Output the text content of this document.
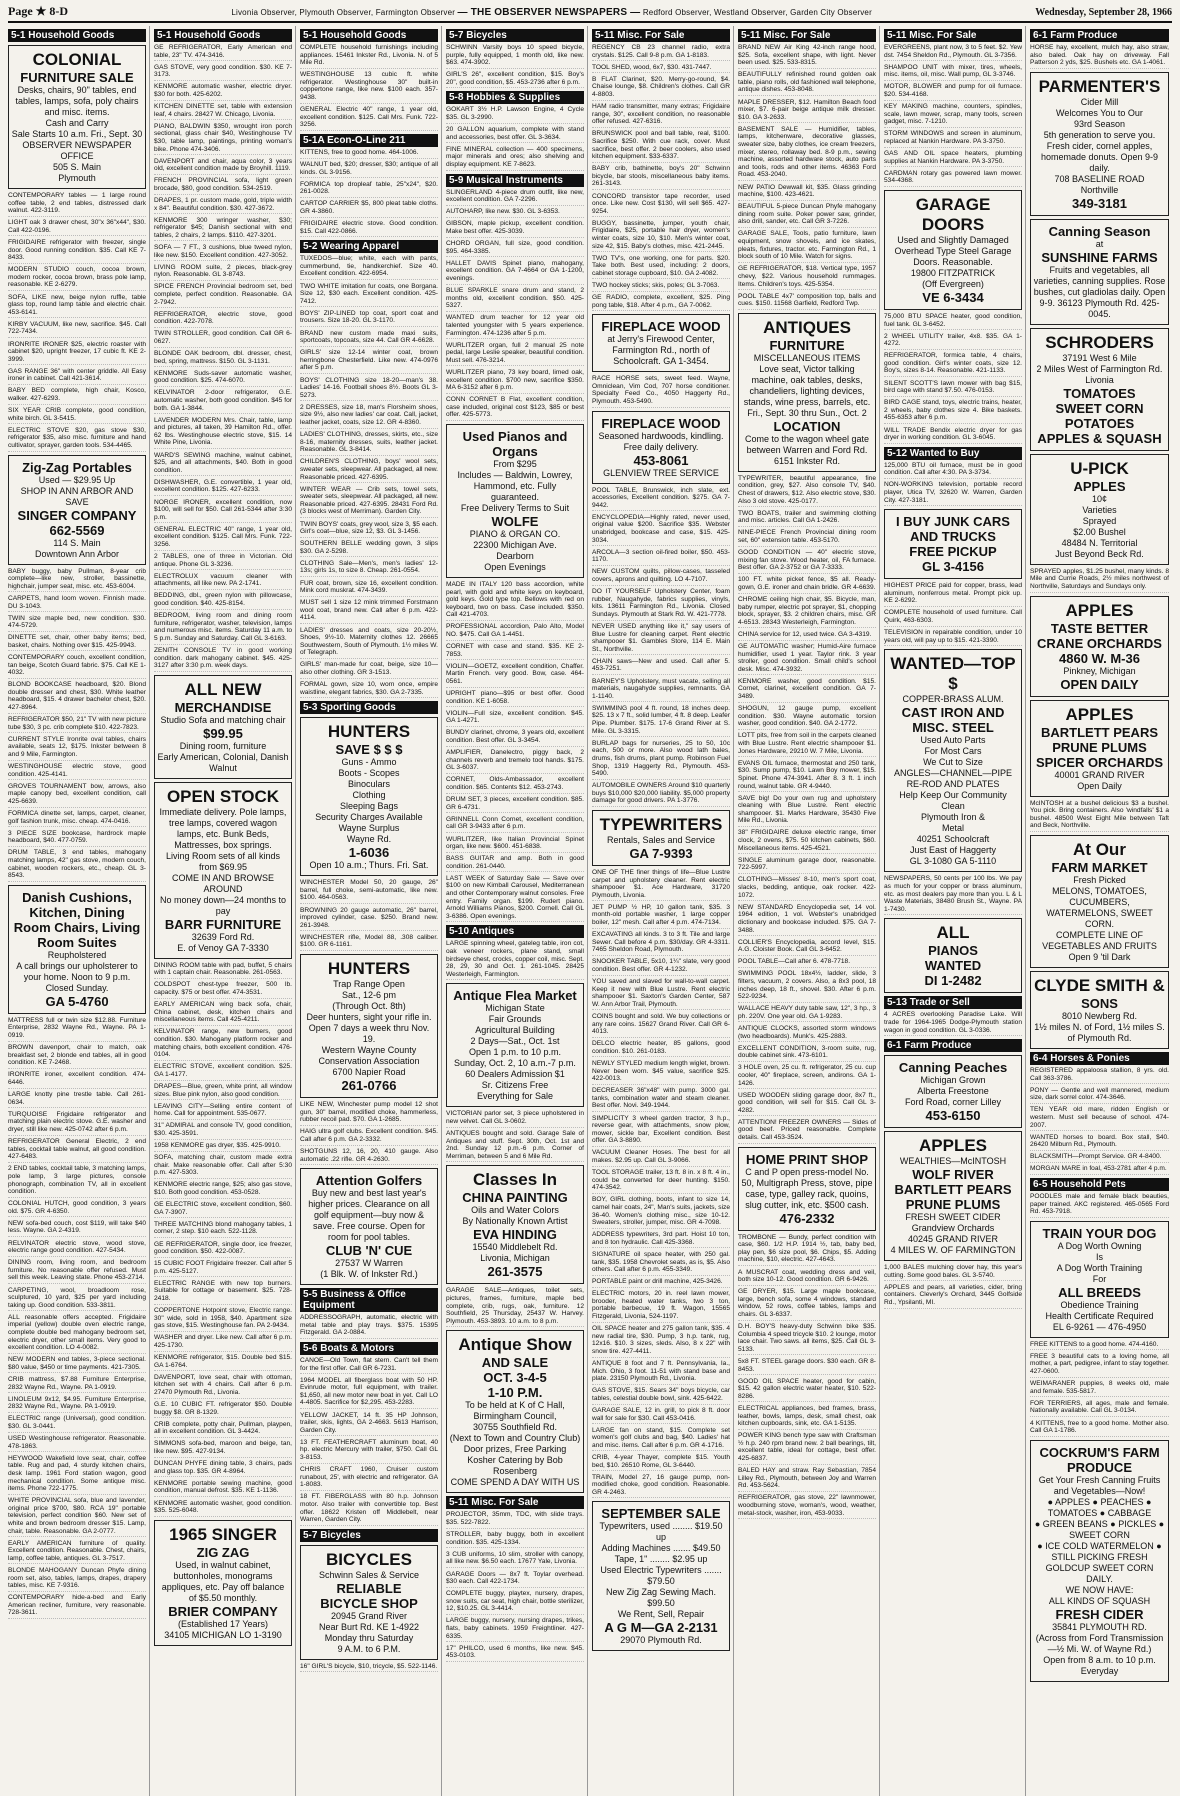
Page ★ 8-D	Livonia Observer, Plymouth Observer, Farmington Observer — THE OBSERVER NEWSPAPERS — Redford Observer, Westland Observer, Garden City Observer	Wednesday, September 28, 1966
5-1 Household Goods
COLONIAL
FURNITURE SALE
Desks, chairs, 90" tables, end tables, lamps, sofa, poly chairs and misc. items.
Cash and Carry
Sale Starts 10 a.m. Fri., Sept. 30
OBSERVER NEWSPAPER OFFICE
505 S. Main
Plymouth

CONTEMPORARY tables — 1 large round coffee table, 2 end tables, distressed dark walnut. 422-3119.

LIGHT oak 3 drawer chest, 30"x 36"x44", $30. Call 422-0196.

FRIGIDAIRE refrigerator with freezer, single door. Good running condition. $35. Call KE 7-8433.

MODERN STUDIO couch, cocoa brown, modern rocker, cocoa brown, brass pole lamp, reasonable. KE 2-6279.

SOFA, LIKE new, beige nylon ruffle, table glass top, round lamp table and electric chair. 453-6141.

KIRBY VACUUM, like new, sacrifice. $45. Call 722-7434.

IRONRITE IRONER $25, electric roaster with cabinet $20, upright freezer, 17 cubic ft. KE 2-3999.

GAS RANGE 36" with center griddle. All Easy ironer in cabinet. Call 421-3614.

BABY BED complete, high chair, Kosco, walker. 427-6293.

SIX YEAR CRIB complete, good condition, white birch. GL 3-5415.

ELECTRIC STOVE $20, gas stove $30, refrigerator $35, also misc. furniture and hand cultivator, sprayer, garden tools. 534-4465.

Zig-Zag Portables
Used — $29.95 Up
SHOP IN ANN ARBOR AND SAVE
SINGER COMPANY
662-5569
114 S. Main
Downtown Ann Arbor

BABY buggy, baby Pullman, 8-year crib complete—like new, stroller, bassinette, highchair, jumper seat, misc. etc. 453-6004.

CARPETS, hand loom woven. Finnish made. DU 3-1043.

TWIN size maple bed, new condition. $30. 474-5729.

DINETTE set, chair, other baby items; bed, basket, chairs. Nothing over $15. 425-9943.

CONTEMPORARY couch, excellent condition, tan beige, Scotch Guard fabric. $75. Call KE 1-4032.

BLOND BOOKCASE headboard, $20. Blond double dresser and chest, $30. White leather headboard, $15. 4 drawer bachelor chest, $20. 427-8964.

REFRIGERATOR $50, 21" TV with new picture tube $30, 3 pc. crib complete $10. 422-7823.

CURRENT STYLE Ironrite oval tables, chairs available, seats 12, $175. Inkster between 8 and 9 Mile, Farmington.

WESTINGHOUSE electric stove, good condition. 425-4141.

GROVES TOURNAMENT bow, arrows, also maple canopy bed, excellent condition, call 425-6639.

FORMICA dinette set, lamps, carpet, cleaner, golf fashion trunk, misc. cheap. 474-0416.

3 PIECE SIZE bookcase, hardrock maple headboard, $40. 477-0759.

DRUM TABLE, 3 end tables, mahogany matching lamps, 42" gas stove, modern couch, cabinet, wooden rockers, etc., cheap. GL 3-8543.

Danish Cushions, Kitchen, Dining Room Chairs, Living Room Suites
Reupholstered
A call brings our upholsterer to your home. Noon to 9 p.m. Closed Sunday.
GA 5-4760

MATTRESS full or twin size $12.88. Furniture Enterprise, 2832 Wayne Rd., Wayne. PA 1-0919.

BROWN davenport, chair to match, oak breakfast set, 2 blonde end tables, all in good condition. KE 7-2468.

IRONRITE ironer, excellent condition. 474-6446.

LARGE knotty pine trestle table. Call 261-0634.

TURQUOISE Frigidaire refrigerator and matching plain electric stove. G.E. washer and dryer, still like new. 425-0742 after 6 p.m.

REFRIGERATOR General Electric, 2 end tables, cocktail table walnut, all good condition. 427-6483.

2 END tables, cocktail table, 3 matching lamps, pole lamp, 3 large pictures, console phonograph, combination TV, all in excellent condition.

COLONIAL HUTCH, good condition, 3 years old. $75. GR 4-6350.

NEW sofa-bed couch, cost $119, will take $40 less. Wayne. GA 2-4319.

RELVINATOR electric stove, wood stove, electric range good condition. 427-5434.

DINING room, living room, and bedroom furniture. No reasonable offer refused. Must sell this week. Leaving state. Phone 453-2714.

CARPETING, wool, broadloom rose, sculptured, 10 yard, $25 per yard including taking up. Good condition. 533-3811.

ALL reasonable offers accepted. Frigidaire imperial (yellow) double oven electric range, complete double bed mahogany bedroom set, electric dryer, other small items. Very good to excellent condition. LO 4-0082.

NEW MODERN end tables, 3-piece sectional. $80 value, $450 or time payments. 421-7305.

CRIB mattress, $7.88 Furniture Enterprise, 2832 Wayne Rd., Wayne. PA 1-0919.

LINOLEUM 9x12, $4.95. Furniture Enterprise, 2832 Wayne Rd., Wayne. PA 1-0919.

ELECTRIC range (Universal), good condition. $30. GL 3-0441.

USED Westinghouse refrigerator. Reasonable. 478-1863.

HEYWOOD Wakefield love seat, chair, coffee table. Rug and pad, 4 sturdy kitchen chairs, desk lamp. 1961 Ford station wagon, good mechanical condition. Some antique misc. items. Phone 722-1775.

WHITE PROVINCIAL sofa, blue and lavender, original price $700, $80. RCA 19" portable television, perfect condition $60. New set of white and brown bedroom dresser $15. Lamp, chair, table. Reasonable. GA 2-0777.

EARLY AMERICAN furniture of quality. Excellent condition. Reasonable. Chest, chairs, lamp, coffee table, antiques. GL 3-7517.

BLONDE MAHOGANY Duncan Phyfe dining room set, also, tables, lamps, drapes, drapery tables, misc. KE 7-9316.

CONTEMPORARY hide-a-bed and Early American recliner, furniture, very reasonable. 728-3611.

5-1 Household Goods

GE REFRIGERATOR, Early American end table, 23" TV. 474-3416.

GAS STOVE, very good condition. $30. KE 7-3173.

KENMORE automatic washer, electric dryer. $30 for both. 425-6202.

KITCHEN DINETTE set, table with extension leaf, 4 chairs. 28427 W. Chicago, Livonia.

PIANO, BALDWIN $350, wrought iron porch sectional, glass chair $40, Westinghouse TV $30, table lamp, paintings, printing woman's bike. Phone 474-3406.

DAVENPORT and chair, aqua color, 3 years old, excellent condition made by Broyhill. 1119.

FRENCH PROVINCIAL sofa, light green brocade, $80, good condition. 534-2519.

DRAPES, 1 pr. custom made, gold, triple width x 84". Beautiful condition. $30. 427-3672.

KENMORE 300 wringer washer, $30; refrigerator $45; Danish sectional with end tables, 2 chairs, 2 lamps. $110. 427-3201.

SOFA — 7 FT., 3 cushions, blue tweed nylon, like new. $150. Excellent condition. 427-3052.

LIVING ROOM suite, 2 pieces, black-grey nylon. Reasonable. GL 3-8743.

SPICE FRENCH Provincial bedroom set, bed complete, perfect condition. Reasonable. GA 2-7942.

REFRIGERATOR, electric stove, good condition. 422-7078.

TWIN STROLLER, good condition. Call GR 6-0627.

BLONDE OAK bedroom, dbl. dresser, chest, bed, spring, mattress. $150. GL 3-1131.

KENMORE Suds-saver automatic washer, good condition. $25. 474-6070.

KELVINATOR 2-door refrigerator, G.E. automatic washer, both good condition. $45 for both. GA 1-3844.

LAVENDER MODERN Mrs. Chair, table, lamp and pictures, all taken, 39 Hamilton Rd., offer. 62 lbs. Westinghouse electric stove, $15. 14 White Pine, Livonia.

WARD'S SEWING machine, walnut cabinet, $25, and all attachments, $40. Both in good condition.

DISHWASHER, G.E. convertible, 1 year old, excellent condition. $125. 427-6233.

NORGE IRONER, excellent condition, now $100, will sell for $50. Call 261-5344 after 3:30 p.m.

GENERAL ELECTRIC 40" range, 1 year old, excellent condition. $125. Call Mrs. Funk. 722-3256.

2 TABLES, one of three in Victorian. Old antique. Phone GL 3-3236.

ELECTROLUX vacuum cleaner with attachments, all like new. PA 2-1741.

BEDDING, dbl., green nylon with pillowcase, good condition. $40. 425-8154.

BEDROOM, living room and dining room furniture, refrigerator, washer, television, lamps and numerous misc. items. Saturday 11 a.m. to 5 p.m. Sunday and Saturday. Call GL 3-6163.

ZENITH CONSOLE TV in good working condition. dark mahogany cabinet. $45. 425-3127 after 3:30 p.m. week days.

ALL NEW
MERCHANDISE
Studio Sofa and matching chair
$99.95
Dining room, furniture
Early American, Colonial, Danish Walnut
OPEN STOCK
Immediate delivery. Pole lamps, tree lamps, covered wagon lamps, etc. Bunk Beds, Mattresses, box springs.
Living Room sets of all kinds
from $69.95
COME IN AND BROWSE AROUND
No money down—24 months to pay
BARR FURNITURE
32639 Ford Rd.
E. of Venoy GA 7-3330

DINING ROOM table with pad, buffet, 5 chairs with 1 captain chair. Reasonable. 261-0563.

COLDSPOT chest-type freezer, 500 lb. capacity. $75 or best offer. 474-3531.

EARLY AMERICAN wing back sofa, chair, China cabinet, desk, kitchen chairs and miscellaneous items. Call 425-4211.

KELVINATOR range, new burners, good condition. $30. Mahogany platform rocker and matching chairs, both excellent condition. 476-0104.

ELECTRIC STOVE, excellent condition. $25. GA 1-4177.

DRAPES—Blue, green, white print, all window sizes. Blue pink nylon, also good condition.

LEAVING CITY—Selling entire content of home. Call for appointment. 535-0677.

31" ADMIRAL and console TV, good condition, $30. 425-3591.

1958 KENMORE gas dryer, $35. 425-9910.

SOFA, matching chair, custom made extra chair. Make reasonable offer. Call after 5:30 p.m. 427-5303.

KENMORE electric range, $25; also gas stove, $10. Both good condition. 453-0528.

GE ELECTRIC stove, excellent condition, $60. GA 7-3907.

THREE MATCHING blond mahogany tables, 1 corner, 2 step. $10 each. 522-1128.

GE REFRIGERATOR, single door, ice freezer, good condition. $50. 422-0087.

15 CUBIC FOOT Frigidaire freezer. Call after 5 p.m. 425-5127.

ELECTRIC RANGE with new top burners. Suitable for cottage or basement. $25. 728-2418.

COPPERTONE Hotpoint stove, Electric range. 30" wide, sold in 1958, $40. Apartment size gas stove, $15. Westinghouse fan. PA 2-9434.

WASHER and dryer. Like new. Call after 6 p.m. 425-1730.

KENMORE refrigerator, $15. Double bed $15. GA 1-6764.

DAVENPORT, love seat, chair with ottoman, kitchen set with 4 chairs. Call after 6 p.m. 27470 Plymouth Rd., Livonia.

G.E. 10 CUBIC FT. refrigerator $50. Double buggy $8. GR 8-1329.

CRIB complete, potty chair, Pullman, playpen, all in excellent condition. GL 3-4424.

SIMMONS sofa-bed, maroon and beige, tan, like new. $95. 427-9134.

DUNCAN PHYFE dining table, 3 chairs, pads and glass top. $35. GR 4-8964.

KENMORE portable sewing machine, good condition, manual defrost. $35. KE 1-1136.

KENMORE automatic washer, good condition. $35. 525-6048.

1965 SINGER
ZIG ZAG
Used, in walnut cabinet, buttonholes, monograms appliques, etc. Pay off balance of $5.50 monthly.
BRIER COMPANY
(Established 17 Years)
34105 MICHIGAN LO 1-3190
5-1 Household Goods

COMPLETE household furnishings including appliances. 15461 Inkster Rd., Livonia. N. of 5 Mile Rd.

WESTINGHOUSE 13 cubic ft. white refrigerator. Westinghouse 30" built-in coppertone range, like new. $100 each. 357-9438.

GENERAL Electric 40" range, 1 year old, excellent condition. $125. Call Mrs. Funk. 722-3256.

5-1A Econ-O-Line 211

KITTENS, free to good home. 464-1006.

WALNUT bed, $20; dresser, $30; antique of all kinds. GL 3-9156.

FORMICA top dropleaf table, 25"x24", $20. 261-0028.

CARTOP CARRIER $5, 800 pleat table cloths. GR 4-3860.

FRIGIDAIRE electric stove. Good condition. $15. Call 422-0866.

5-2 Wearing Apparel

TUXEDOS—blue; white, each with pants, cummerbund, tie, handkerchief. Size 40. Excellent condition. 422-6954.

TWO WHITE imitation fur coats, one Borgana. Size 12, $30 each. Excellent condition. 425-7412.

BOYS' ZIP-LINED top coat, sport coat and trousers. Size 18-20. GL 3-1170.

BRAND new custom made maxi suits, sportcoats, topcoats, size 44. Call GR 4-6628.

GIRLS' size 12-14 winter coat, brown herringbone Chesterfield. Like new. 474-0976 after 5 p.m.

BOYS' CLOTHING size 18-20—man's 38. Ladies' 14-16. Football shoes 8½. Boots GL 3-5273.

2 DRESSES, size 18, man's Florsheim shoes, size 9½, also new ladies' car coat. Call, jacket, leather jacket, coats, size 12. GR 4-8360.

LADIES' CLOTHING, dresses, skirts, etc., size 8-16, maternity dresses, suits, leather jacket. Reasonable. GL 3-8414.

CHILDREN'S CLOTHING, boys' wool sets, sweater sets, sleepwear. All packaged, all new. Reasonable priced. 427-6395.

WINTER WEAR — Crib sets, towel sets, sweater sets, sleepwear. All packaged, all new. Reasonable priced. 427-6395. 28431 Ford Rd. (3 blocks west of Merriman). Garden City.

TWIN BOYS' coats, grey wool, size 3, $5 each. Girl's coat—blue, size 12, $3. GL 3-1456.

SOUTHERN BELLE wedding gown, 3 slips $30. GA 2-5298.

CLOTHING Sale—Men's, men's ladies' 12-13s; girls 1s, to size 8. Cheap. 261-0554.

FUR coat, brown, size 16, excellent condition. Mink cord muskrat. 474-3439.

MUST sell 1 size 12 mink trimmed Forstmann wool coat, brand new. Call after 6 p.m. 422-4114.

LADIES' dresses and coats, size 20-20½, Shoes, 9½-10. Maternity clothes 12. 26665 Southwestern, South of Plymouth. 1½ miles W. of Telegraph.

GIRLS' man-made fur coat, beige, size 10—also other clothing. GR 3-1513.

FORMAL gown, size 10, worn once, empire waistline, elegant fabrics, $30. GA 2-7335.

5-3 Sporting Goods
HUNTERS
SAVE $ $ $
Guns - Ammo
Boots - Scopes
Binoculars
Clothing
Sleeping Bags
Security Charges Available
Wayne Surplus
Wayne Rd.
1-6036
Open 10 a.m.; Thurs. Fri. Sat.

WINCHESTER Model 50, 20 gauge, 26" barrel, full choke, semi-automatic, like new. $100. 464-0563.

BROWNING 20 gauge automatic, 26" barrel, improved cylinder, case. $250. Brand new. 261-3948.

WINCHESTER rifle, Model 88, .308 caliber. $100. GR 6-1161.

HUNTERS
Trap Range Open
Sat., 12-6 pm
(Through Oct. 8th)
Deer hunters, sight your rifle in. Open 7 days a week thru Nov. 19.
Western Wayne County
Conservation Association
6700 Napier Road
261-0766

LIKE NEW, Winchester pump model 12 shot gun, 30" barrel, modified choke, hammerless, rubber recoil pad. $70. GA 1-2685.

HAIG ultra golf clubs. Excellent condition. $45. Call after 6 p.m. GA 2-3332.

SHOTGUNS 12, 16, 20, 410 gauge. Also automatic .22 rifle. GR 4-2630.

Attention Golfers
Buy new and best last year's higher prices. Clearance on all golf equipment—buy now & save. Free course. Open for room for pool tables.
CLUB 'N' CUE
27537 W Warren
(1 Blk. W. of Inkster Rd.)
5-5 Business & Office Equipment

ADDRESSOGRAPH, automatic, electric with metal table and play trays. $375. 15395 Fitzgerald. GA 2-0884.

5-6 Boats & Motors

CANOE—Old Town, flat stern. Can't tell them for the first offer. Call GR 6-7231.

1964 MODEL all fiberglass boat with 50 HP. Evinrude motor, full equipment, with trailer. $1,650, all new motor new boat in yet. Call LO 4-4805. Sacrifice for $2,295. 453-2283.

YELLOW JACKET, 14 ft. 35 HP Johnson, trailer, skis, lights, GA 2-4663. 5613 Harrison, Garden City.

13 FT. FEATHERCRAFT aluminum boat, 40 hp. electric Mercury with trailer, $750. Call GL 3-8153.

CHRIS CRAFT 1960, Cruiser custom runabout, 25', with electric and refrigerator. GA 1-8083.

18 FT. FIBERGLASS with 80 h.p. Johnson motor. Also trailer with convertible top. Best offer. 18622 Kristen off Middlebelt, near Warren, Garden City.

5-7 Bicycles
BICYCLES
Schwinn Sales & Service
RELIABLE
BICYCLE SHOP
20945 Grand River
Near Burt Rd. KE 1-4922
Monday thru Saturday
9 A.M. to 6 P.M.

16" GIRL'S bicycle, $10, tricycle, $5. 522-1146.

5-7 Bicycles

SCHWINN Varsity boys 10 speed bicycle, purple, fully equipped, 1 month old, like new. $63. 474-3902.

GIRL'S 26", excellent condition, $15. Boy's 20", good condition, $5. 453-2736 after 6 p.m.

5-8 Hobbies & Supplies

GOKART 3½ H.P. Lawson Engine, 4 Cycle $35. GL 3-2990.

20 GALLON aquarium, complete with stand and accessories, best offer. GL 3-3634.

FINE MINERAL collection — 400 specimens, major minerals and ores; also shelving and display equipment. KE 7-8623.

5-9 Musical Instruments

SLINGERLAND 4-piece drum outfit, like new, excellent condition. GA 7-2296.

AUTOHARP, like new. $30. GL 3-6353.

GIBSON, maple pickup, excellent condition. Make best offer. 425-3039.

CHORD ORGAN, full size, good condition. $95. 464-3385.

HALLET DAVIS Spinet piano, mahogany, excellent condition. GA 7-4664 or GA 1-1200, evenings.

BLUE SPARKLE snare drum and stand, 2 months old, excellent condition. $50. 425-5327.

WANTED drum teacher for 12 year old talented youngster with 5 years experience. Farmington. 474-1236 after 5 p.m.

WURLITZER organ, full 2 manual 25 note pedal, large Leslie speaker, beautiful condition. Must sell. 476-3214.

WURLITZER piano, 73 key board, limed oak, excellent condition. $700 new, sacrifice $350. MA 6-3152 after 6 p.m.

CONN CORNET B Flat, excellent condition, case included, original cost $123, $85 or best offer. 425-5773.

Used Pianos and Organs
From $295
Includes — Baldwin, Lowrey, Hammond, etc. Fully guaranteed.
Free Delivery Terms to Suit
WOLFE
PIANO & ORGAN CO.
22300 Michigan Ave.
Dearborn
Open Evenings

MADE IN ITALY 120 bass accordion, white pearl, with gold and white keys on keyboard, gold keys. Gold type top. Bellows with red on keyboard, two on bass. Case included. $350. Call 421-4703.

PROFESSIONAL accordion, Palo Alto, Model NO. $475. Call GA 1-4451.

CORNET with case and stand. $35. KE 2-7853.

VIOLIN—GOETZ, excellent condition, Chaffer. Martin French. very good. Bow, case. 464-0561.

UPRIGHT piano—$95 or best offer. Good condition. KE 1-6058.

VIOLIN—Full size, excellent condition. $45. GA 1-4271.

BUNDY clarinet, chrome, 3 years old, excellent condition. Best offer. GL 3-3454.

AMPLIFIER, Danelectro, piggy back, 2 channels reverb and tremelo tool hands. $175. GL 3-6037.

CORNET, Olds-Ambassador, excellent condition. $65. Contents $12. 453-2743.

DRUM SET, 3 pieces, excellent condition. $85. GR 6-4731.

GRINNELL Conn Cornet, excellent condition, call GR 3-9433 after 6 p.m.

WURLITZER, like Italian Provincial Spinet organ, like new. $600. 451-6838.

BASS GUITAR and amp. Both in good condition. 261-0440.

LAST WEEK of Saturday Sale — Save over $100 on new Kimball Carousel, Mediterranean and other Contemporary walnut consoles. Free entry. Family organ. $199. Rudert piano. Arnold Williams Pianos, $200. Cornell. Call GL 3-6386. Open evenings.

5-10 Antiques

LARGE spinning wheel, gateleg table, iron cot, oak veneer rockers, plane stand, small birdseye chest, crocks, copper coil, misc. Sept. 28, 29, 30 and Oct. 1. 261-1045. 28425 Westerleigh, Farmington.

Antique Flea Market
Michigan State
Fair Grounds
Agricultural Building
2 Days—Sat., Oct. 1st
Open 1 p.m. to 10 p.m.
Sunday, Oct. 2, 10 a.m.-7 p.m.
60 Dealers Admission $1
Sr. Citizens Free
Everything for Sale

VICTORIAN parlor set, 3 piece upholstered in new velvet. Call GL 3-0602.

ANTIQUES bought and sold. Garage Sale of Antiques and stuff. Sept. 30th, Oct. 1st and 2nd. Sunday 12 p.m.-6 p.m. Corner of Merriman, between 5 and 6 Mile Rd.

Classes In
CHINA PAINTING
Oils and Water Colors
By Nationally Known Artist
EVA HINDING
15540 Middlebelt Rd.
Livonia, Michigan
261-3575

GARAGE SALE—Antiques, toilet sets, pictures, frames, furniture, maple bed complete, crib, rugs, oak, furniture. 12 Southfield, 25 Thursday, 25437 W. Harvey. Plymouth. 453-3893. 10 a.m. to 8 p.m.

Antique Show
AND SALE
OCT. 3-4-5
1-10 P.M.
To be held at K of C Hall, Birmingham Council,
30755 Southfield Rd.
(Next to Town and Country Club)
Door prizes, Free Parking
Kosher Catering by Bob Rosenberg
COME SPEND A DAY WITH US
5-11 Misc. For Sale

PROJECTOR, 35mm, TDC, with slide trays. $35. 522-7822.

STROLLER, baby buggy, both in excellent condition. $35. 425-1334.

3 CUB uniforms, 10 slim, stroller with canopy, all like new. $6.50 each. 17677 Yale, Livonia.

GARAGE Doors — 8x7 ft. Toylar overhead. $30 each. Call 422-1734.

COMPLETE buggy, playtex, nursery, drapes, snow suits, car seat, high chair, bottle sterilizer, 12, $10.25. GL 3-4414.

LARGE buggy, nursery, nursing drapes, trikes, flats, baby cabinets. 1959 Freightliner. 427-6335.

17" PHILCO, used 6 months, like new. $45. 453-0103.

5-11 Misc. For Sale

REGENCY CB 23 channel radio, extra crystals. $125. Call 9-8 p.m. GA 1-8183.

TOOL SHED, wood, 6x7, $30. 431-7447.

B FLAT Clarinet, $20. Merry-go-round, $4. Chaise lounge, $8. Children's clothes. Call GR 4-8803.

HAM radio transmitter, many extras; Frigidaire range, 30", excellent condition, no reasonable offer refused. 427-6316.

BRUNSWICK pool and ball table, real, $100. Sacrifice $250. With cue rack, cover. Must sacrifice, best offer. 2 beer coolers, also used kitchen equipment. $33-6337.

BABY crib, bathinette, boy's 20" Schwinn bicycle, bar stools, miscellaneous baby items. 261-3143.

CONCORD transistor tape recorder, used once. Like new. Cost $130, will sell $65. 427-9254.

BUGGY, bassinette, jumper, youth chair, Frigidaire, $25, portable hair dryer, women's winter coats, size 10, $10. Men's winter coat, size 42, $15. Baby's clothes, misc. 421-2445.

TWO TV's, one working, one for parts. $20. Take both. Best used, including: 2 doors, cabinet storage cupboard, $10. GA 2-4082.

TWO hockey sticks; skis, poles; GL 3-7063.

GE RADIO, complete, excellent, $25. Ping pong table, $18. After 4 p.m., GA 7-0062.

FIREPLACE WOOD
at Jerry's Firewood Center, Farmington Rd., north of Schoolcraft. GA 1-3454.

RACE HORSE sets, sweet feed. Wayne, Omniclean, Vim Cod, 707 horse conditioner. Specialty Feed Co., 4050 Haggerty Rd., Plymouth. 453-5490.

FIREPLACE WOOD
Seasoned hardwoods, kindling. Free daily delivery.
453-8061
GLENVIEW TREE SERVICE

POOL TABLE, Brunswick, inch slate, ext. accessories, Excellent condition. $275. GA 7-9442.

ENCYCLOPEDIA—Highly rated, never used, original value $200. Sacrifice $35. Webster unabridged, bookcase and case, $15. 425-3034.

ARCOLA—3 section oil-fired boiler, $50. 453-1170.

NEW CUSTOM quilts, pillow-cases, tasseled covers, aprons and quilting. LO 4-7107.

DO IT YOURSELF Upholstery Center, foam rubber, Naugahyde, fabrics supplies, vinyls, kits. 13611 Farmington Rd., Livonia. Closed Sundays. Plymouth at Stark Rd. W. 421-7778.

NEVER USED anything like it," say users of Blue Lustre for cleaning carpet. Rent electric shampooer $1. Gambles Store, 114 E. Main St., Northville.

CHAIN saws—New and used. Call after 5. 453-7251.

BARNEY'S Upholstery, must vacate, selling all materials, naugahyde supplies, remnants. GA 1-1140.

SWIMMING pool 4 ft. round, 18 inches deep. $25. 13 x 7 ft., solid lumber, 4 ft. 8 deep. Leafer Pipe. Plumber. $175. 17-6 Grand River at S. Mile. GL 3-3315.

BURLAP bags for nurseries, 25 to 50, 10c each, 500 or more. Also wood lath bales, drums, fish drums, plant pump. Robinson Fuel Shop, 1319 Haggerty Rd., Plymouth. 453-5490.

AUTOMOBILE OWNERS Around $10 quarterly buys $10,000 $20,000 liability. $5,000 property damage for good drivers. PA 1-3776.

TYPEWRITERS
Rentals, Sales and Service
GA 7-9393

ONE OF THE finer things of life—Blue Lustre carpet and upholstery cleaner. Rent electric shampooer $1. Ace Hardware, 31720 Plymouth, Livonia.

JET PUMP ½ HP, 10 gallon tank, $35. 3 month-old portable washer, 1 large copper boiler, 12" mesh. Call after 4 p.m. 474-7134.

EXCAVATING all kinds. 3 to 3 ft. Tile and large Sewer. Call before 4 p.m. $30/day. GR 4-3311. 7465 Sheldon Road, Plymouth.

SNOOKER TABLE, 5x10, 1¼" slate, very good condition. Best offer. GR 4-1232.

YOU saved and slaved for wall-to-wall carpet. Keep it new with Blue Lustre. Rent electric shampooer $1. Saxton's Garden Center, 587 W. Ann Arbor Trail, Plymouth.

COINS bought and sold. We buy collections or any rare coins. 15627 Grand River. Call GR 6-4013.

DELCO electric heater, 85 gallons, good condition. $10. 261-0183.

NEWLY STYLED medium length wiglet, brown. Never been worn. $45 value, sacrifice $25. 422-0013.

DECREASER 36"x48" with pump. 3000 gal. tanks, combination water and steam cleaner. Best offer. Novi. 349-1944.

SIMPLICITY 3 wheel garden tractor, 3 h.p., reverse gear, with attachments, snow plow, mower, sickle bar, Excellent condition. Best offer. GA 3-8890.

VACUUM Cleaner Hoses. The best for all makes. $2.95 up. Call GL 3-9066.

TOOL STORAGE trailer, 13 ft. 8 in. x 8 ft. 4 in., could be converted for deer hunting. $150. 474-3542.

BOY, GIRL clothing, boots, infant to size 14, camel hair coats, 24", Man's suits, jackets, size 36-40. Women's clothing misc., size 10-12. Sweaters, stroller, jumper, misc. GR 4-7098.

ADDRESS typewriters, 3rd part. Hoist 10 ton, and 8 ton hydraulic. Call 425-3368.

SIGNATURE oil space heater, with 250 gal. tank, $35. 1958 Chevrolet seats, as is, $5. Also others. Call after 6 p.m. 455-3349.

PORTABLE paint or drill machine, 425-3426.

ELECTRIC motors, 20 in. reel lawn mower, brooder, heated water tanks, two 3 ton, portable barbecue, 19 ft. Wagon, 15565 Fitzgerald, Livonia, 524-1197.

OIL SPACE heater and 275 gallon tank, $35. 4 new radial tire, $30. Pump, 3 h.p. tank, rug, 12x16. $10. 3 sizes, sleds. Also, 8 x 22" with snow tire. 427-4411.

ANTIQUE 8 foot and 7 ft. Pennsylvania, Ia., Mich. Ohio, 3 foot. 11-51 with stand base and plate. 23150 Plymouth Rd., Livonia.

GAS STOVE, $15. Sears 34" boys bicycle, car tables, celestial double bowl, sink. 425-6422.

GARAGE SALE, 12 in. grill, to pick 8 ft. door wall for sale for $30. Call 453-0416.

LARGE fan on stand, $15. Complete set women's golf clubs and bag, $40. Ladies' hat and misc. items. Call after 6 p.m. GR 4-1716.

CRIB, 4-year Thayer, complete $15. Youth bed, $10. 26510 Rome, GL 3-6440.

TRAIN, Model 27, 16 gauge pump, non-modified choke, good condition. Reasonable. GR 4-2463.

SEPTEMBER SALE
Typewriters, used ........ $19.50 up
Adding Machines ....... $49.50
Tape, 1" ........ $2.95 up
Used Electric Typewriters ....... $79.50
New Zig Zag Sewing Mach. $99.50
We Rent, Sell, Repair
A G M—GA 2-2131
29070 Plymouth Rd.
5-11 Misc. For Sale

BRAND NEW Air King 42-inch range hood, $25. Sofa, excellent shape, with light. Never been used. $25. 533-8315.

BEAUTIFULLY refinished round golden oak table, piano rolls, old fashioned wall telephone, antique dishes. 453-8048.

MAPLE DRESSER, $12. Hamilton Beach food mixer, $7. 6-pair beige antique milk dresser. $10. GA 3-2633.

BASEMENT SALE — Humidifier, tables, lamps, kitchenware, decorative glasses, sweater size, baby clothes, ice cream freezers, mixer, stereo, rollaway bed. 8-9 p.m., sewing machine, assorted hardware stock, auto parts and tools, rods and other items. 46363 Ford Road. 453-2040.

NEW PATIO Dewwall kit, $35. Glass grinding machine, $100. 423-4621.

BEAUTIFUL 5-piece Duncan Phyfe mahogany dining room suite. Poker power saw, grinder, also drill, sander, etc. Call GR 3-7226.

GARAGE SALE, Tools, patio furniture, lawn equipment, snow shovels, and ice skates, pleats, fixtures, tractor. etc. Farmington Rd., 1 block south of 10 Mile. Watch for signs.

GE REFRIGERATOR, $18. Vertical type, 1957 chevy, $22. Various household rummages. Items. Children's toys. 425-5354.

POOL TABLE 4x7' composition top, balls and cues. $150. 11568 Garfield, Redford Twp.

ANTIQUES
FURNITURE
MISCELLANEOUS ITEMS
Love seat, Victor talking machine, oak tables, desks, chandeliers, lighting devices, stands, wine press, barrels, etc.
Fri., Sept. 30 thru Sun., Oct. 2
LOCATION
Come to the wagon wheel gate between Warren and Ford Rd.
6151 Inkster Rd.

TYPEWRITER, beautiful appearance, fine condition, grey, $27. Also console TV, $40. Chest of drawers, $12. Also electric stove, $30. Also 3 old stove. 425-0177.

TWO BOATS, trailer and swimming clothing and misc. articles. Call GA 1-2426.

NINE-PIECE French Provincial dining room set, 60" extension table. 453-5170.

GOOD CONDITION — 40" electric stove, mixing fan stove. Wood heater, oil, FA furnace. Best offer. GA 2-3752 or GA 7-3333.

100 FT. white picket fence, $5 all. Ready-gown, G.E. ironer and chain bridle. GR 4-6639.

CHROME ceiling high chair, $5. Bicycle, man, baby rumper, electric pot sprayer, $1, chopping block, sprayer, $3. 2 children chairs, misc. GR 4-6513. 28343 Westerleigh, Farmington.

CHINA service for 12, used twice. GA 3-4319.

GE AUTOMATIC washer; Humid-Aire furnace humidifier, used 1 year. Taylor rink. 3 year stroller, good condition. Small child's school desk. Misc. 474-3932.

KENMORE washer, good condition. $15. Cornet, clarinet, excellent condition. GA 7-3489.

SHOGUN, 12 gauge pump, excellent condition. $30. Wayne automatic torsion washer, good condition. $40. GA 2-1772.

LOTT pits, free from soil in the carpets cleaned with Blue Lustre. Rent electric shampooer $1. Jones Hardware, 29210 W. 7 Mile, Livonia.

EVANS OIL furnace, thermostat and 250 tank, $30. Sump pump, $10. Lawn Boy mower, $15. Spinet. Phone 474-3941. After 8. 3 ft. 1 inch round, walnut table. GR 4-9440.

SAVE big! Do your own rug and upholstery cleaning with Blue Lustre. Rent electric shampooer. $1. Marks Hardware, 35430 Five Mile Rd., Livonia.

38" FRIGIDAIRE deluxe electric range, timer clock, 2 ovens, $75. 50 kitchen cabinets, $60. Miscellaneous items. 425-4521.

SINGLE aluminum garage door, reasonable. 722-5997.

CLOTHING—Misses' 8-10, men's sport coat, slacks, bedding, antique, oak rocker. 422-1072.

NEW STANDARD Encyclopedia set, 14 vol. 1964 edition, 1 vol. Webster's unabridged dictionary and bookcase included. $75. GA 7-3488.

COLLIER'S Encyclopedia, accord level, $15. A.G. Cloister Book. Call GL 3-6452.

POOL TABLE—Call after 6. 478-7718.

SWIMMING POOL 18x4½, ladder, slide, 3 filters, vacuum, 2 covers. Also, a 8x3 pool, 18 inches deep, 18 ft., shovel. $30. After 6 p.m. 522-9234.

WALLACE HEAVY duty table saw, 12", 3 hp., 3 ph. 220V. One year old. GA 1-9283.

ANTIQUE CLOCKS, assorted storm windows (two headboards). Munk's. 425-2883.

EXCELLENT CONDITION, 3-room suite, rug, double cabinet sink. 473-6101.

3 HOLE oven, 25 cu. ft. refrigerator, 25 cu. cup cooler, 40" fireplace, screen, andirons. GA 1-1426.

USED WOODEN sliding garage door, 8x7 ft., good condition, will sell for $15. Call GL 3-4282.

ATTENTION! FREEZER OWNERS — Sides of good beef. Priced reasonable. Complete details. Call 453-3524.

HOME PRINT SHOP
C and P open press-model No. 50, Multigraph Press, stove, pipe case, type, galley rack, quoins, slug cutter, ink, etc. $500 cash.
476-2332

TROMBONE — Bundy, perfect condition with case, $60. 1/2 H.P. 1914 ½, tab, baby bed, play pen, $6 size pool, $6. Chips, $5. Adding machine, $10, electric. 427-4643.

A MUSCRAT coat, wedding dress and veil, both size 10-12. Good condition. GR 6-9426.

GE DRYER, $15. Large maple bookcase, large, bench sofa, some 4 windows, standard window, 52 rows, coffee tables, lamps and chairs. GL 3-6337.

D.H. BOY'S heavy-duty Schwinn bike $35. Columbia 4 speed tricycle $10. 2 lounge, motor lace chair. Two saws. all items, $25. Call GL 3-5133.

5x8 FT. STEEL garage doors. $30 each. GR 8-8453.

GOOD OIL SPACE heater, good for cabin, $15. 42 gallon electric water heater, $10. 522-8286.

ELECTRICAL appliances, bed frames, brass, leather, bowls, lamps, desk, small chest, oak kitchen cupboards, sink, etc. GA 1-5135.

POWER KING bench type saw with Craftsman ½ h.p. 240 rpm brand new. 2 ball bearings, tilt, excellent table, ideal for cottage, best offer. 425-6837.

BALED HAY and straw. Ray Sebastian, 7854 Lilley Rd., Plymouth, between Joy and Warren Rd. 453-5624.

REFRIGERATOR, gas stove, 22" lawnmower, woodburning stove, woman's, wood, weather, metal-stock, washer, iron, 453-9033.

5-11 Misc. For Sale

EVERGREENS, plant now, 3 to 5 feet. $2. Yew dst. 7454 Sheldon Rd., Plymouth. GL 3-7356.

SHAMPOO UNIT with mixer, tires, wheels, misc. items, oil, misc. Wall pump, GL 3-3746.

MOTOR, BLOWER and pump for oil furnace. $20. 534-4168.

KEY MAKING machine, counters, spindles, scale, lawn mower, scrap, many tools, screen gadget, misc. 7-1210.

STORM WINDOWS and screen in aluminum, replaced at Nankin Hardware. PA 3-3750.

GAS AND OIL space heaters, plumbing supplies at Nankin Hardware. PA 3-3750.

CARDMAN rotary gas powered lawn mower. 534-4368.

GARAGE DOORS
Used and Slightly Damaged
Overhead Type Steel Garage Doors. Reasonable.
19800 FITZPATRICK
(Off Evergreen)
VE 6-3434

75,000 BTU SPACE heater, good condition, fuel tank. GL 3-6452.

2 WHEEL UTILITY trailer, 4x8. $35. GA 1-4272.

REFRIGERATOR, formica table, 4 chairs, good condition. Girl's winter coats, size 12. Boy's, sizes 8-14. Reasonable. 421-1133.

SILENT SCOTT'S lawn mower with bag $15, bird cage with stand $7.50. 476-0153.

BIRD CAGE stand, toys, electric trains, heater, 2 wheels, baby clothes size 4. Bike baskets. 455-6353 after 6 p.m.

WILL TRADE Bendix electric dryer for gas dryer in working condition. GL 3-6045.

5-12 Wanted to Buy

125,000 BTU oil furnace, must be in good condition. Call after 4:30. PA 3-3734.

NON-WORKING television, portable record player, Utica TV, 32620 W. Warren, Garden City. 427-3181.

I BUY JUNK CARS
AND TRUCKS
FREE PICKUP
GL 3-4156

HIGHEST PRICE paid for copper, brass, lead aluminum, nonferrous metal. Prompt pick up. KE 2-6292.

COMPLETE household of used furniture. Call Quirk, 463-6303.

TELEVISION in repairable condition, under 10 years old, will pay up to $15. 421-3390.

WANTED—TOP $
COPPER-BRASS ALUM.
CAST IRON AND
MISC. STEEL
Used Auto Parts
For Most Cars
We Cut to Size
ANGLES—CHANNEL—PIPE
RE-ROD AND PLATES
Help Keep Our Community
Clean
Plymouth Iron &
Metal
40251 Schoolcraft
Just East of Haggerty
GL 3-1080 GA 5-1110

NEWSPAPERS, 50 cents per 100 lbs. We pay as much for your copper or brass aluminum, etc. as most dealers pay more than you. L & L Waste Materials, 38480 Brush St., Wayne. PA 1-7430.

ALL
PIANOS
WANTED
DI 1-2482
5-13 Trade or Sell

4 ACRES overlooking Paradise Lake. Will trade for 1964-1965 Dodge-Plymouth station wagon in good condition. GL 3-0336.

6-1 Farm Produce
Canning Peaches
Michigan Grown
Alberta Freestone
Ford Road, corner Lilley
453-6150
APPLES
WEALTHIES—McINTOSH
WOLF RIVER
BARTLETT PEARS
PRUNE PLUMS
FRESH SWEET CIDER
Grandview Orchards
40245 GRAND RIVER
4 MILES W. OF FARMINGTON

1,000 BALES mulching clover hay, this year's cutting. Some good bales. GL 3-5740.

APPLES and pears, all varieties, cider, bring containers. Cleverly's Orchard, 3445 Golfside Rd., Ypsilanti, MI.

6-1 Farm Produce

HORSE hay, excellent, mulch hay, also straw, also baled. Oak hay on driveway. Fall Patterson 2 yds, $25. Bushels etc. GA 1-4061.

PARMENTER'S
Cider Mill
Welcomes You to Our
93rd Season
5th generation to serve you. Fresh cider, cornel apples, homemade donuts. Open 9-9 daily.
708 BASELINE ROAD
Northville
349-3181
Canning Season
at
SUNSHINE FARMS
Fruits and vegetables, all varieties, canning supplies. Rose bushes, cut gladiolas daily. Open 9-9. 36123 Plymouth Rd. 425-0045.
SCHRODERS
37191 West 6 Mile
2 Miles West of Farmington Rd.
Livonia
TOMATOES
SWEET CORN
POTATOES
APPLES & SQUASH
U-PICK
APPLES
10¢
Varieties
Sprayed
$2.00 Bushel
48484 N. Territorial
Just Beyond Beck Rd.

SPRAYED apples, $1.25 bushel, many kinds. 8 Mile and Currie Roads, 2½ miles northwest of Northville, Saturdays and Sundays only.

APPLES
TASTE BETTER
CRANE ORCHARDS
4860 W. M-36
Pinkney, Michigan
OPEN DAILY
APPLES
BARTLETT PEARS
PRUNE PLUMS
SPICER ORCHARDS
40001 GRAND RIVER
Open Daily

McINTOSH at a bushel delicious $3 a bushel. You pick. Bring containers. Also 'windfalls' $1 a bushel. 48500 West Eight Mile between Taft and Beck, Northville.

At Our
FARM MARKET
Fresh Picked
MELONS, TOMATOES, CUCUMBERS, WATERMELONS, SWEET CORN.
COMPLETE LINE OF
VEGETABLES AND FRUITS
Open 9 'til Dark
CLYDE SMITH &
SONS
8010 Newberg Rd.
1½ miles N. of Ford, 1½ miles S. of Plymouth Rd.
6-4 Horses & Ponies

REGISTERED appaloosa stallion, 8 yrs. old. Call 363-3786.

PONY — Gentle and well mannered, medium size, dark sorrel color. 474-3646.

TEN YEAR old mare, ridden English or western. Must sell because of school. 474-2007.

WANTED horses to board. Box stall, $40. 26420 Milburn Rd., Plymouth.

BLACKSMITH—Prompt Service. GR 4-8400.

MORGAN MARE in foal, 453-2781 after 4 p.m.

6-5 Household Pets

POODLES male and female black beauties, paper trained. AKC registered. 465-0565 Ford Rd. 453-7918.

TRAIN YOUR DOG
A Dog Worth Owning
Is
A Dog Worth Training
For
ALL BREEDS
Obedience Training
Health Certificate Required
EL 6-9261 — 476-4950

FREE KITTENS to a good home. 474-4160.

FREE 3 beautiful cats to a loving home, all mother, a part, pedigree, infant to stay together. 427-0600.

WEIMARANER puppies, 8 weeks old, male and female. 535-5817.

FOR TERRIERS, all ages, male and female. Nationally available. Call GL 3-0134.

4 KITTENS, free to a good home. Mother also. Call GA 1-1786.

COCKRUM'S FARM PRODUCE
Get Your Fresh Canning Fruits and Vegetables—Now!
● APPLES ● PEACHES ● TOMATOES ● CABBAGE
● GREEN BEANS ● PICKLES ● SWEET CORN
● ICE COLD WATERMELON ● STILL PICKING FRESH GOLDCUP SWEET CORN DAILY.
WE NOW HAVE:
ALL KINDS OF SQUASH
FRESH CIDER
35841 PLYMOUTH RD.
(Across from Ford Transmission—½ Mi. W. of Wayne Rd.)
Open from 8 a.m. to 10 p.m. Everyday
